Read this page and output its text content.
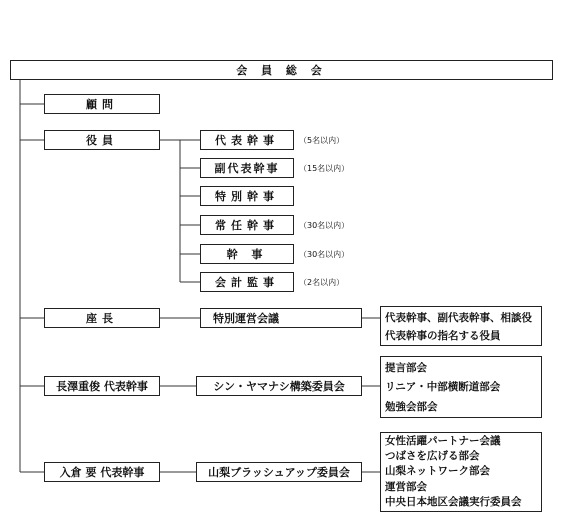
会 員 総 会
顧問
役員	代表幹事	（5名以内）
副代表幹事	（15名以内）
特別幹事
常任幹事	（30名以内）
幹 事	（30名以内）
会計監事	（2名以内）
座長	特別運営会議	代表幹事、副代表幹事、相談役
代表幹事の指名する役員
長澤重俊 代表幹事	シン・ヤマナシ構築委員会
提言部会
リニア・中部横断道部会
勉強会部会
入倉 要 代表幹事	山梨ブラッシュアップ委員会
女性活躍パートナー会議
つばさを広げる部会
山梨ネットワーク部会
運営部会
中央日本地区会議実行委員会
